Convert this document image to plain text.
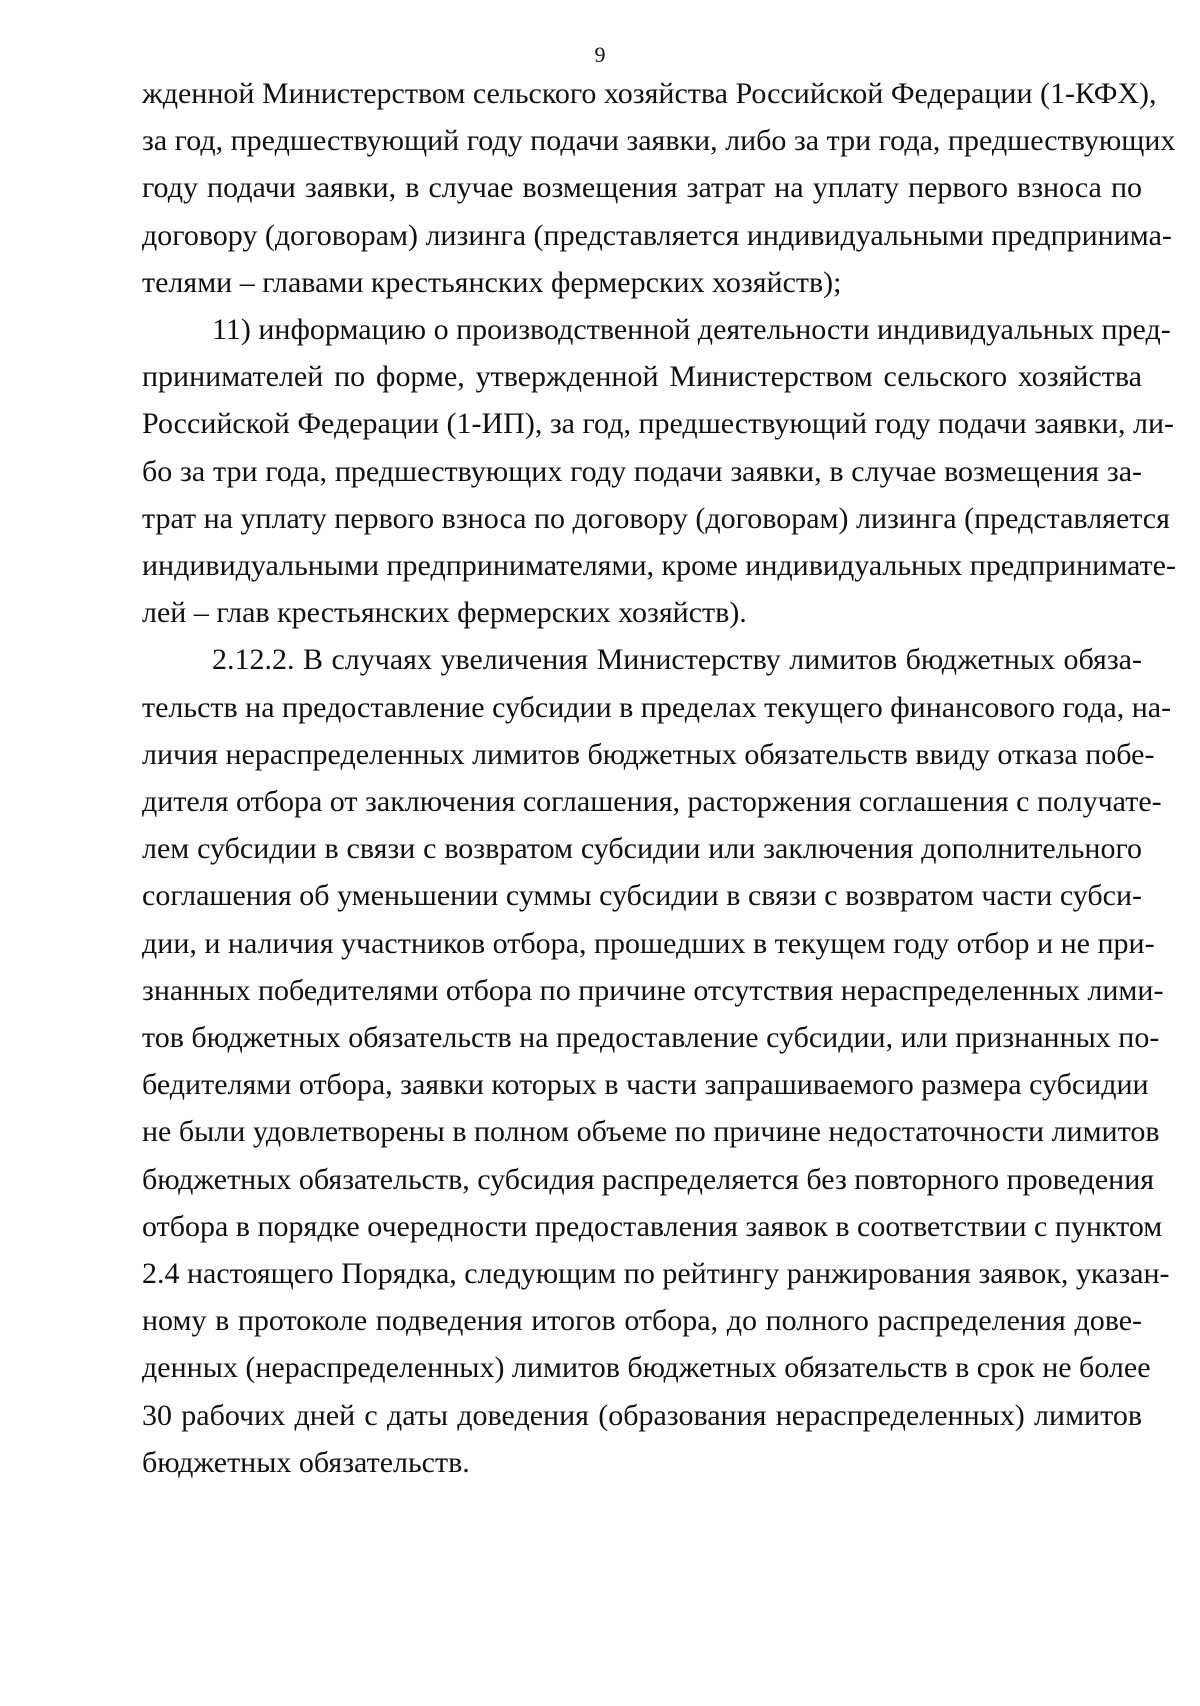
9
жденной Министерством сельского хозяйства Российской Федерации (1-КФХ),
за год, предшествующий году подачи заявки, либо за три года, предшествующих
году подачи заявки, в случае возмещения затрат на уплату первого взноса по
договору (договорам) лизинга (представляется индивидуальными предпринима-
телями – главами крестьянских фермерских хозяйств);
11) информацию о производственной деятельности индивидуальных пред-
принимателей по форме, утвержденной Министерством сельского хозяйства
Российской Федерации (1-ИП), за год, предшествующий году подачи заявки, ли-
бо за три года, предшествующих году подачи заявки, в случае возмещения за-
трат на уплату первого взноса по договору (договорам) лизинга (представляется
индивидуальными предпринимателями, кроме индивидуальных предпринимате-
лей – глав крестьянских фермерских хозяйств).
2.12.2. В случаях увеличения Министерству лимитов бюджетных обяза-
тельств на предоставление субсидии в пределах текущего финансового года, на-
личия нераспределенных лимитов бюджетных обязательств ввиду отказа побе-
дителя отбора от заключения соглашения, расторжения соглашения с получате-
лем субсидии в связи с возвратом субсидии или заключения дополнительного
соглашения об уменьшении суммы субсидии в связи с возвратом части субси-
дии, и наличия участников отбора, прошедших в текущем году отбор и не при-
знанных победителями отбора по причине отсутствия нераспределенных лими-
тов бюджетных обязательств на предоставление субсидии, или признанных по-
бедителями отбора, заявки которых в части запрашиваемого размера субсидии
не были удовлетворены в полном объеме по причине недостаточности лимитов
бюджетных обязательств, субсидия распределяется без повторного проведения
отбора в порядке очередности предоставления заявок в соответствии с пунктом
2.4 настоящего Порядка, следующим по рейтингу ранжирования заявок, указан-
ному в протоколе подведения итогов отбора, до полного распределения дове-
денных (нераспределенных) лимитов бюджетных обязательств в срок не более
30 рабочих дней с даты доведения (образования нераспределенных) лимитов
бюджетных обязательств.
